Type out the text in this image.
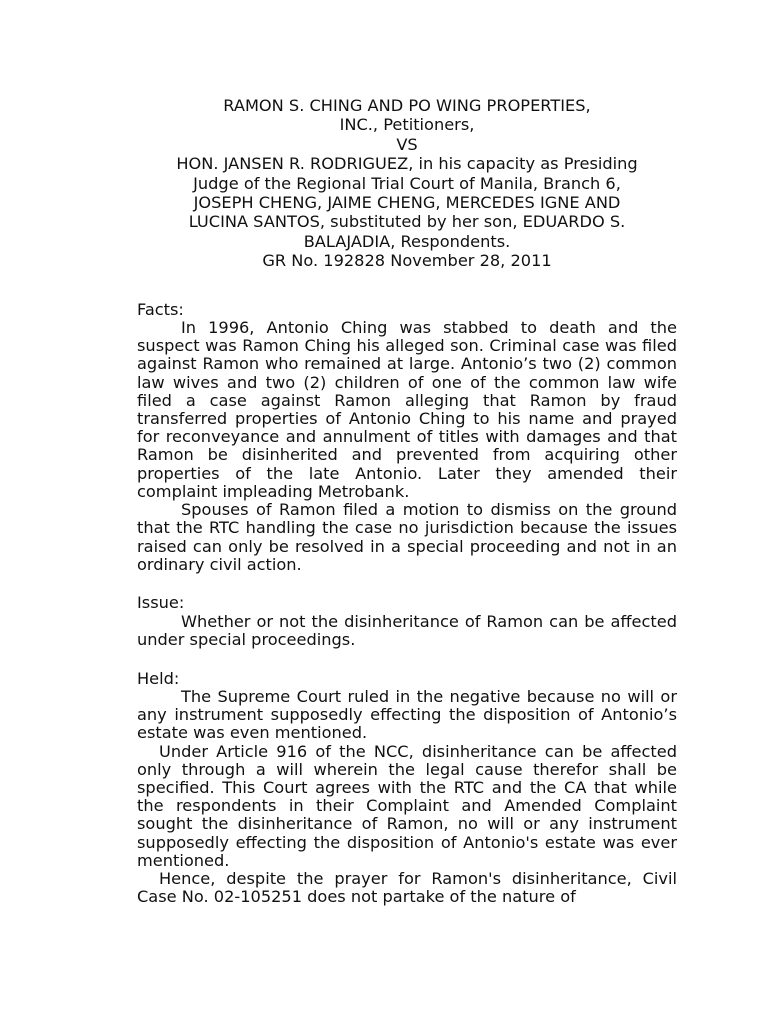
RAMON S. CHING AND PO WING PROPERTIES,
INC., Petitioners,
VS
HON. JANSEN R. RODRIGUEZ, in his capacity as Presiding
Judge of the Regional Trial Court of Manila, Branch 6,
JOSEPH CHENG, JAIME CHENG, MERCEDES IGNE AND
LUCINA SANTOS, substituted by her son, EDUARDO S.
BALAJADIA, Respondents.
GR No. 192828 November 28, 2011
Facts:

In 1996, Antonio Ching was stabbed to death and the suspect was Ramon Ching his alleged son. Criminal case was filed against Ramon who remained at large. Antonio’s two (2) common law wives and two (2) children of one of the common law wife filed a case against Ramon alleging that Ramon by fraud transferred properties of Antonio Ching to his name and prayed for reconveyance and annulment of titles with damages and that Ramon be disinherited and prevented from acquiring other properties of the late Antonio. Later they amended their complaint impleading Metrobank.

Spouses of Ramon filed a motion to dismiss on the ground that the RTC handling the case no jurisdiction because the issues raised can only be resolved in a special proceeding and not in an ordinary civil action.

Issue:

Whether or not the disinheritance of Ramon can be affected under special proceedings.

Held:

The Supreme Court ruled in the negative because no will or any instrument supposedly effecting the disposition of Antonio’s estate was even mentioned.

Under Article 916 of the NCC, disinheritance can be affected only through a will wherein the legal cause therefor shall be specified. This Court agrees with the RTC and the CA that while the respondents in their Complaint and Amended Complaint sought the disinheritance of Ramon, no will or any instrument supposedly effecting the disposition of Antonio's estate was ever mentioned.

Hence, despite the prayer for Ramon's disinheritance, Civil Case No. 02-105251 does not partake of the nature of
